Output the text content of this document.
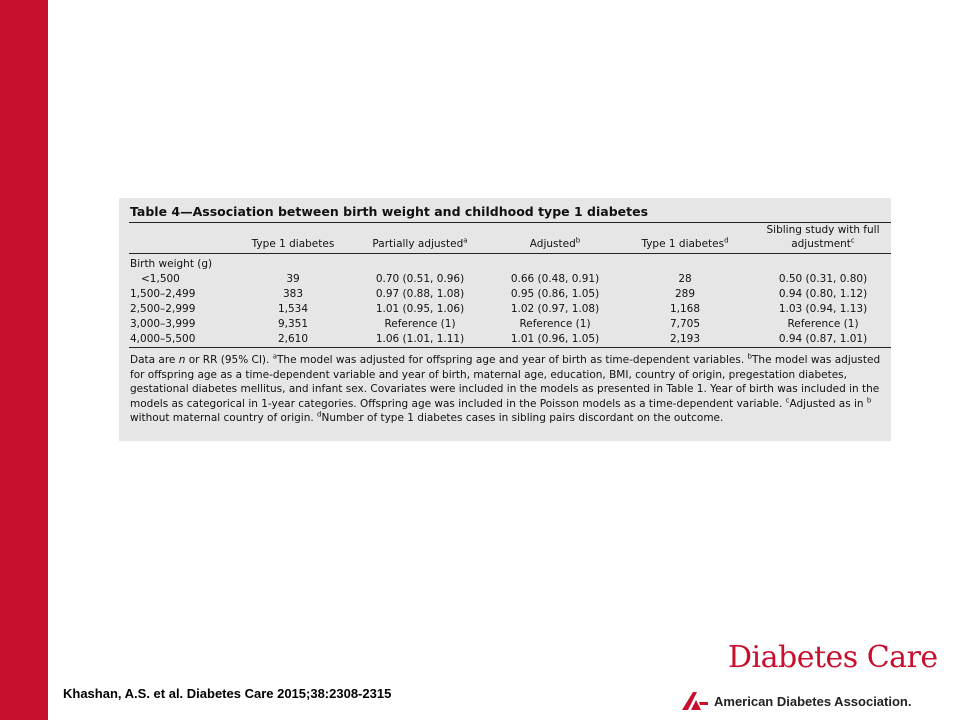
Table 4—Association between birth weight and childhood type 1 diabetes
	Type 1 diabetes	Partially adjusted$^a$	Adjusted$^b$	Type 1 diabetes$^d$	Sibling study with full
adjustment$^c$
Birth weight (g)					
<1,500	39	0.70 (0.51, 0.96)	0.66 (0.48, 0.91)	28	0.50 (0.31, 0.80)
1,500–2,499	383	0.97 (0.88, 1.08)	0.95 (0.86, 1.05)	289	0.94 (0.80, 1.12)
2,500–2,999	1,534	1.01 (0.95, 1.06)	1.02 (0.97, 1.08)	1,168	1.03 (0.94, 1.13)
3,000–3,999	9,351	Reference (1)	Reference (1)	7,705	Reference (1)
4,000–5,500	2,610	1.06 (1.01, 1.11)	1.01 (0.96, 1.05)	2,193	0.94 (0.87, 1.01)
Data are n or RR (95% CI). $^a$The model was adjusted for offspring age and year of birth as time-dependent variables. $^b$The model was adjusted for offspring age as a time-dependent variable and year of birth, maternal age, education, BMI, country of origin, pregestation diabetes, gestational diabetes mellitus, and infant sex. Covariates were included in the models as presented in Table 1. Year of birth was included in the models as categorical in 1-year categories. Offspring age was included in the Poisson models as a time-dependent variable. $^c$Adjusted as in $^b$ without maternal country of origin. $^d$Number of type 1 diabetes cases in sibling pairs discordant on the outcome.
Khashan, A.S. et al. Diabetes Care 2015;38:2308-2315
Diabetes Care
American Diabetes Association.
